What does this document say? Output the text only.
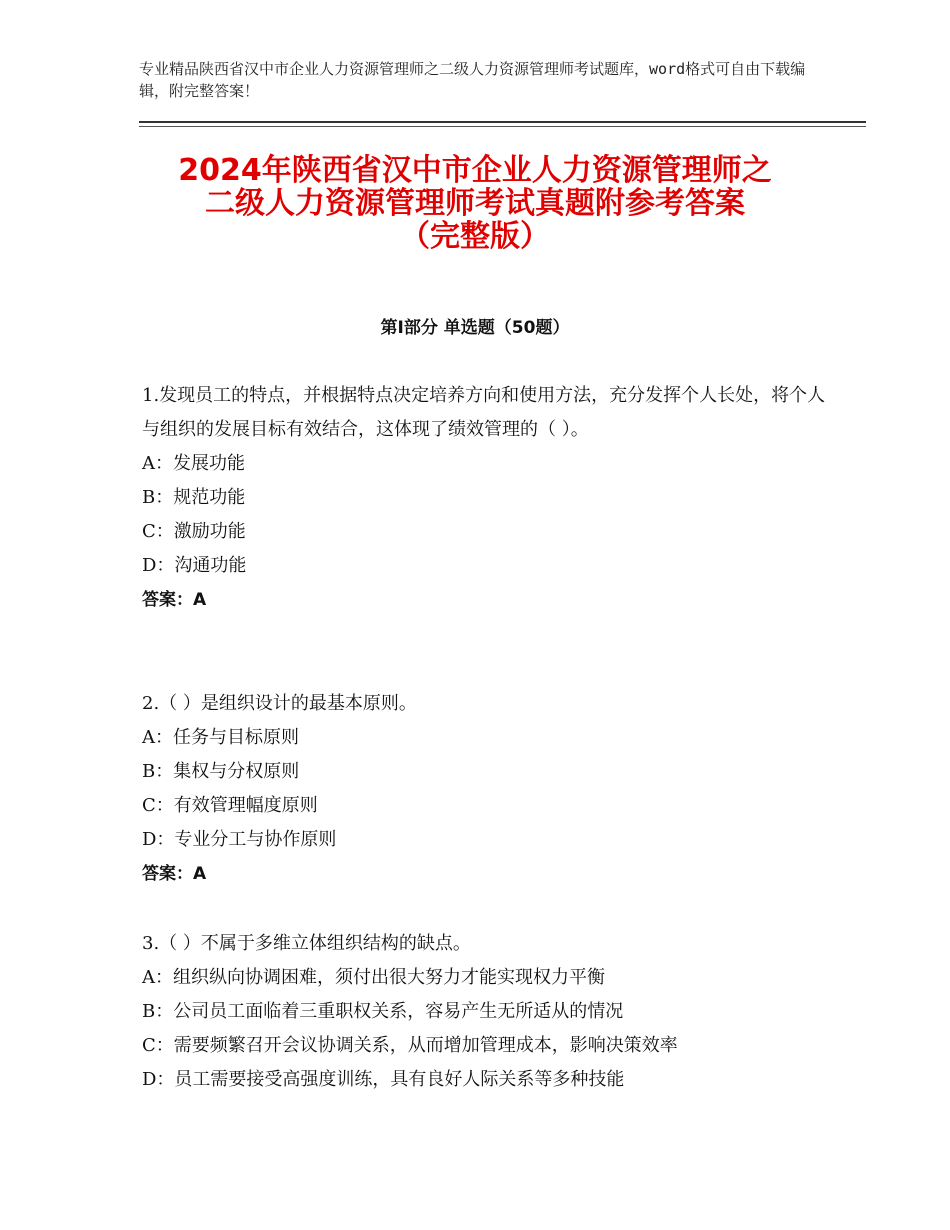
专业精品陕西省汉中市企业人力资源管理师之二级人力资源管理师考试题库，word格式可自由下载编辑，附完整答案！
2024年陕西省汉中市企业人力资源管理师之
二级人力资源管理师考试真题附参考答案
（完整版）
第Ⅰ部分 单选题（50题）

1.发现员工的特点，并根据特点决定培养方向和使用方法，充分发挥个人长处，将个人与组织的发展目标有效结合，这体现了绩效管理的（ ）。

A：发展功能

B：规范功能

C：激励功能

D：沟通功能

答案：A

2.（ ）是组织设计的最基本原则。

A：任务与目标原则

B：集权与分权原则

C：有效管理幅度原则

D：专业分工与协作原则

答案：A

3.（ ）不属于多维立体组织结构的缺点。

A：组织纵向协调困难，须付出很大努力才能实现权力平衡

B：公司员工面临着三重职权关系，容易产生无所适从的情况

C：需要频繁召开会议协调关系，从而增加管理成本，影响决策效率

D：员工需要接受高强度训练，具有良好人际关系等多种技能
